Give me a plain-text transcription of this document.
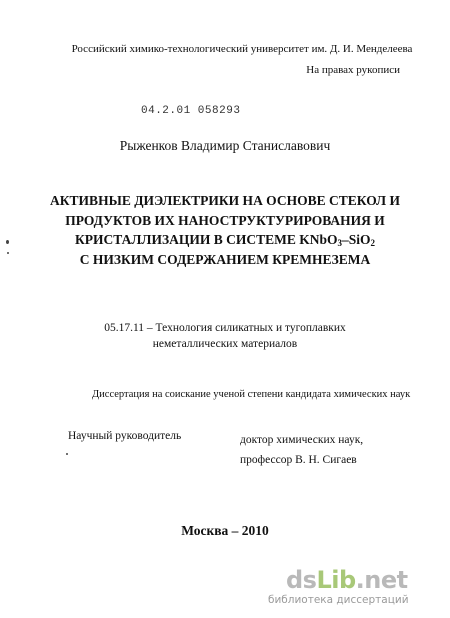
Российский химико-технологический университет им. Д. И. Менделеева
На правах рукописи
04.2.01 058293
Рыженков Владимир Станиславович
АКТИВНЫЕ ДИЭЛЕКТРИКИ НА ОСНОВЕ СТЕКОЛ И
ПРОДУКТОВ ИХ НАНОСТРУКТУРИРОВАНИЯ И
КРИСТАЛЛИЗАЦИИ В СИСТЕМЕ KNbO$_3$–SiO$_2$
С НИЗКИМ СОДЕРЖАНИЕМ КРЕМНЕЗЕМА
05.17.11 – Технология силикатных и тугоплавких
неметаллических материалов
Диссертация на соискание ученой степени кандидата химических наук
Научный руководитель	доктор химических наук,
профессор В. Н. Сигаев
Москва – 2010
dsLib.net
библиотека диссертаций
